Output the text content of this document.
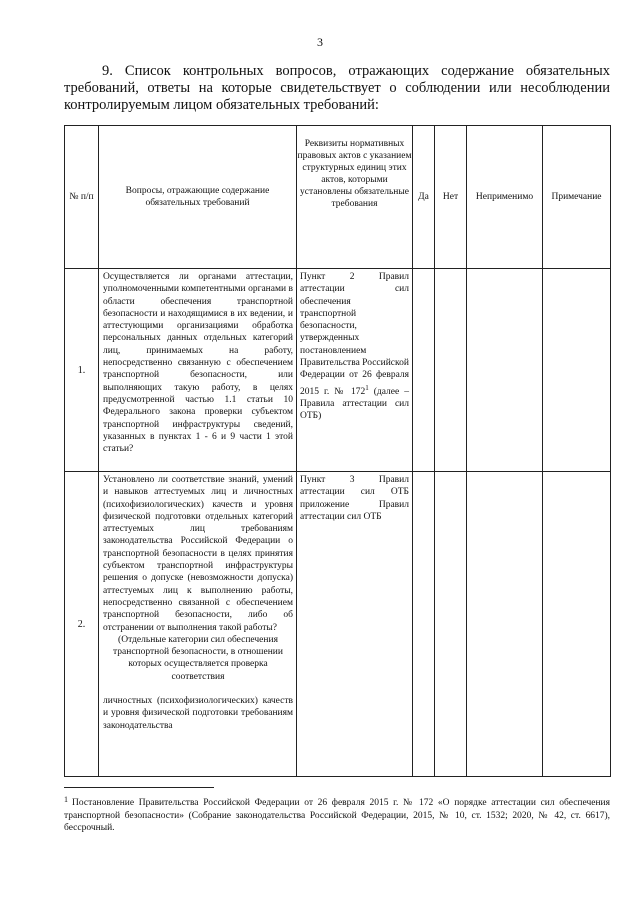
3
9. Список контрольных вопросов, отражающих содержание обязательных требований, ответы на которые свидетельствует о соблюдении или несоблюдении контролируемым лицом обязательных требований:
№ п/п	Вопросы, отражающие содержание обязательных требований	Реквизиты нормативных правовых актов с указанием структурных единиц этих актов, которыми установлены обязательные требования	Да	Нет	Неприменимо	Примечание
1.	Осуществляется ли органами аттестации, уполномоченными компетентными органами в области обеспечения транспортной безопасности и находящимися в их ведении, и аттестующими организациями обработка персональных данных отдельных категорий лиц, принимаемых на работу, непосредственно связанную с обеспечением транспортной безопасности, или выполняющих такую работу, в целях предусмотренной частью 1.1 статьи 10 Федерального закона проверки субъектом транспортной инфраструктуры сведений, указанных в пунктах 1 - 6 и 9 части 1 этой статьи?	Пункт 2 Правил аттестации сил обеспечения транспортной безопасности, утвержденных постановлением Правительства Российской Федерации от 26 февраля 2015 г. № $172^1$ (далее – Правила аттестации сил ОТБ)				
2.	Установлено ли соответствие знаний, умений и навыков аттестуемых лиц и личностных (психофизиологических) качеств и уровня физической подготовки отдельных категорий аттестуемых лиц требованиям законодательства Российской Федерации о транспортной безопасности в целях принятия субъектом транспортной инфраструктуры решения о допуске (невозможности допуска) аттестуемых лиц к выполнению работы, непосредственно связанной с обеспечением транспортной безопасности, либо об отстранении от выполнения такой работы?
(Отдельные категории сил обеспечения транспортной безопасности, в отношении которых осуществляется проверка соответствия
личностных (психофизиологических) качеств и уровня физической подготовки требованиям законодательства	Пункт 3 Правил аттестации сил ОТБ приложение Правил аттестации сил ОТБ				
$^1$ Постановление Правительства Российской Федерации от 26 февраля 2015 г. № 172 «О порядке аттестации сил обеспечения транспортной безопасности» (Собрание законодательства Российской Федерации, 2015, № 10, ст. 1532; 2020, № 42, ст. 6617), бессрочный.
